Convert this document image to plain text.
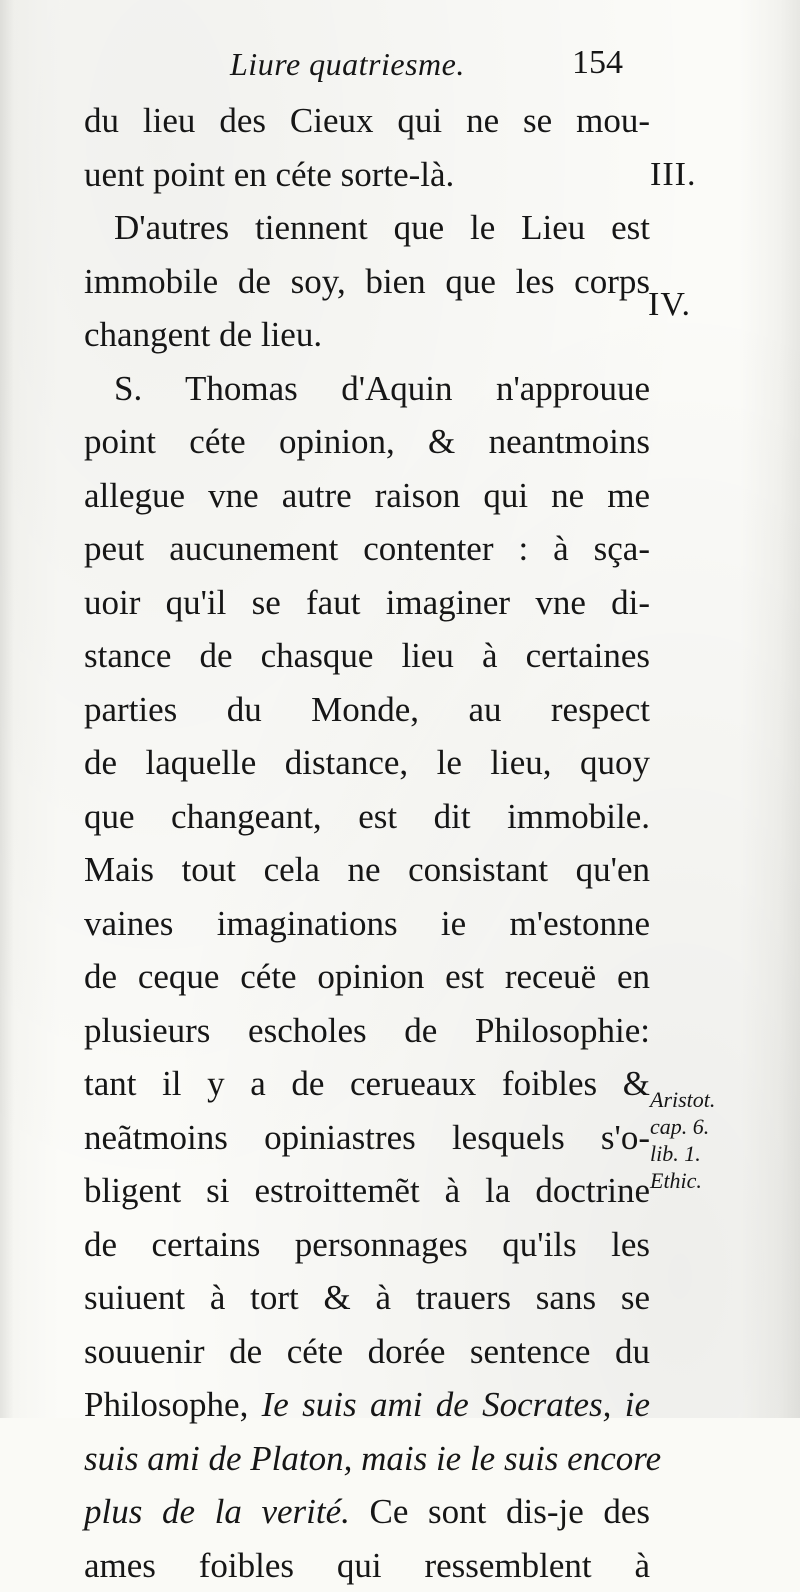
Liure quatriesme.	154
III.
IV.
du lieu des Cieux qui ne se mou-
uent point en céte sorte-là.
D'autres tiennent que le Lieu est
immobile de soy, bien que les corps
changent de lieu.
S. Thomas d'Aquin n'approuue
point céte opinion, & neantmoins
allegue vne autre raison qui ne me
peut aucunement contenter : à sça-
uoir qu'il se faut imaginer vne di-
stance de chasque lieu à certaines
parties du Monde, au respect
de laquelle distance, le lieu, quoy
que changeant, est dit immobile.
Mais tout cela ne consistant qu'en
vaines imaginations ie m'estonne
de ceque céte opinion est receuë en
plusieurs escholes de Philosophie:
tant il y a de cerueaux foibles &
neãtmoins opiniastres lesquels s'o-
bligent si estroittemẽt à la doctrine
de certains personnages qu'ils les
suiuent à tort & à trauers sans se
souuenir de céte dorée sentence du
Philosophe, Ie suis ami de Socrates, ie
suis ami de Platon, mais ie le suis encore
plus de la verité. Ce sont dis-je des
ames foibles qui ressemblent à
Aristot.
cap. 6.
lib. 1.
Ethic.
